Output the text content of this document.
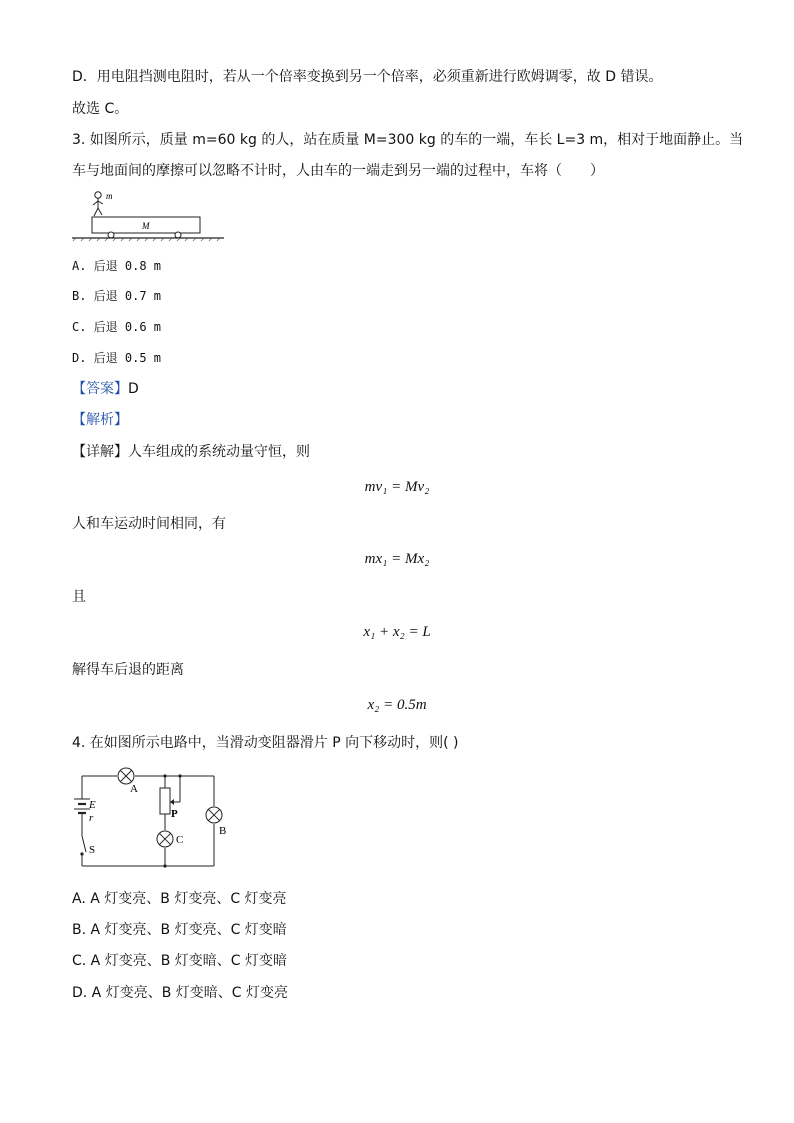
D．用电阻挡测电阻时，若从一个倍率变换到另一个倍率，必须重新进行欧姆调零，故 D 错误。
故选 C。
3. 如图所示，质量 m=60 kg 的人，站在质量 M=300 kg 的车的一端，车长 L=3 m，相对于地面静止。当
车与地面间的摩擦可以忽略不计时，人由车的一端走到另一端的过程中，车将（　　）
m
M
A. 后退 0.8 m
B. 后退 0.7 m
C. 后退 0.6 m
D. 后退 0.5 m
【答案】D
【解析】
【详解】人车组成的系统动量守恒，则
mv₁ = Mv₂
人和车运动时间相同，有
mx₁ = Mx₂
且
x₁ + x₂ = L
解得车后退的距离
x₂ = 0.5m
4. 在如图所示电路中，当滑动变阻器滑片 P 向下移动时，则( )
A
B
C
P
E
r
S
A. A 灯变亮、B 灯变亮、C 灯变亮
B. A 灯变亮、B 灯变亮、C 灯变暗
C. A 灯变亮、B 灯变暗、C 灯变暗
D. A 灯变亮、B 灯变暗、C 灯变亮
